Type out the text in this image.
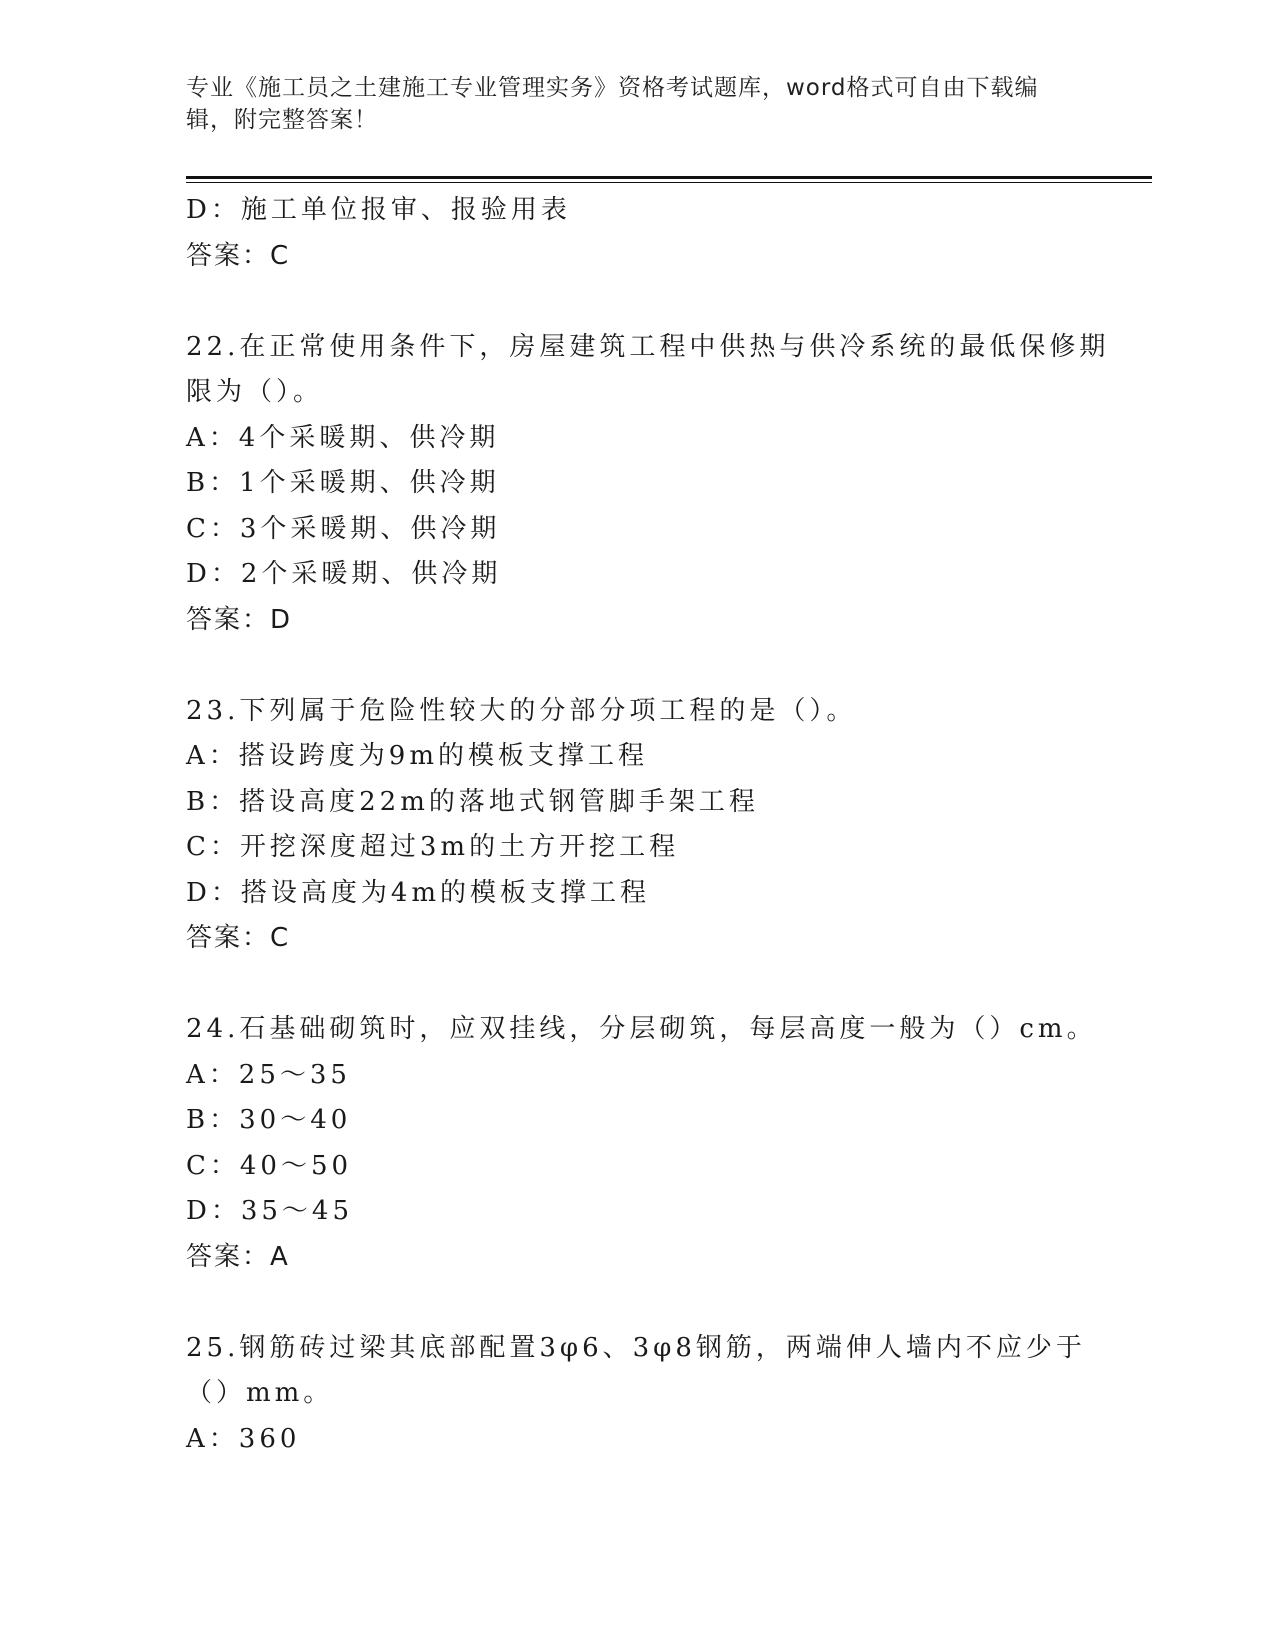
专业《施工员之土建施工专业管理实务》资格考试题库，word格式可自由下载编
辑，附完整答案！
D：施工单位报审、报验用表
答案：C
22.在正常使用条件下，房屋建筑工程中供热与供冷系统的最低保修期
限为（）。
A：4个采暖期、供冷期
B：1个采暖期、供冷期
C：3个采暖期、供冷期
D：2个采暖期、供冷期
答案：D
23.下列属于危险性较大的分部分项工程的是（）。
A：搭设跨度为9m的模板支撑工程
B：搭设高度22m的落地式钢管脚手架工程
C：开挖深度超过3m的土方开挖工程
D：搭设高度为4m的模板支撑工程
答案：C
24.石基础砌筑时，应双挂线，分层砌筑，每层高度一般为（）cm。
A：25～35
B：30～40
C：40～50
D：35～45
答案：A
25.钢筋砖过梁其底部配置3φ6、3φ8钢筋，两端伸人墙内不应少于
（）mm。
A：360
